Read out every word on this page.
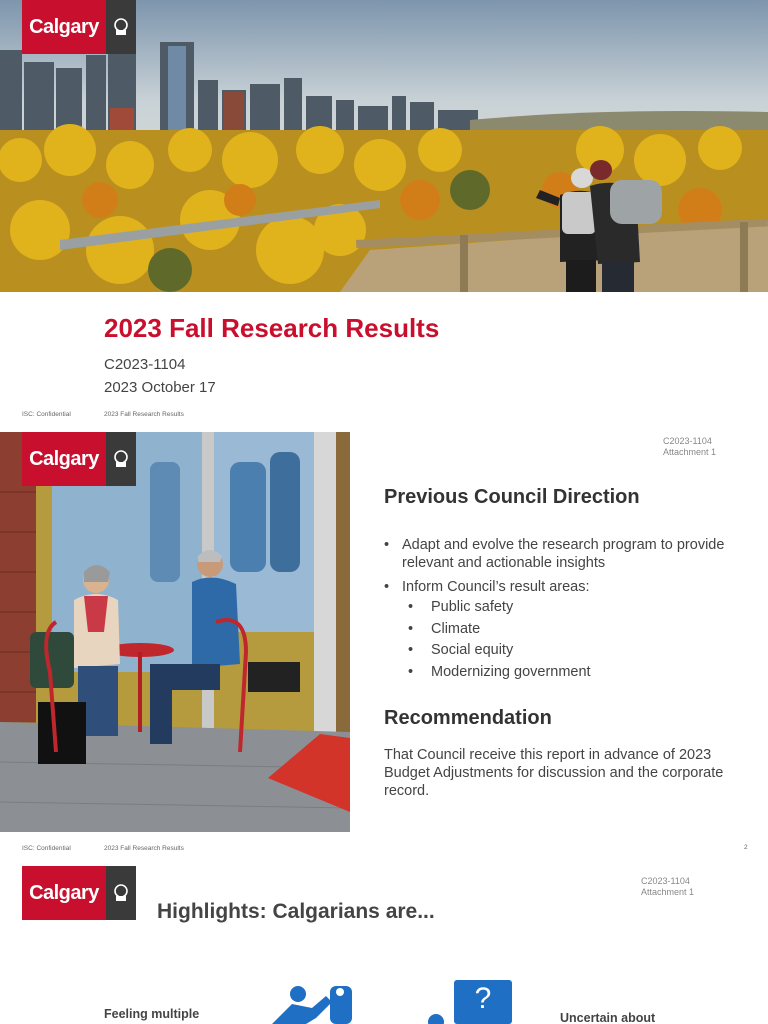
Calgary
2023 Fall Research Results
C2023-1104
2023 October 17
ISC: Confidential	2023 Fall Research Results
Calgary
C2023-1104
Attachment 1
Previous Council Direction
• Adapt and evolve the research program to provide relevant and actionable insights
• Inform Council’s result areas:
• Public safety
• Climate
• Social equity
• Modernizing government
Recommendation
That Council receive this report in advance of 2023 Budget Adjustments for discussion and the corporate record.
ISC: Confidential	2023 Fall Research Results	2
Calgary
C2023-1104
Attachment 1
Highlights: Calgarians are...
Feeling multiple	?
Uncertain about
